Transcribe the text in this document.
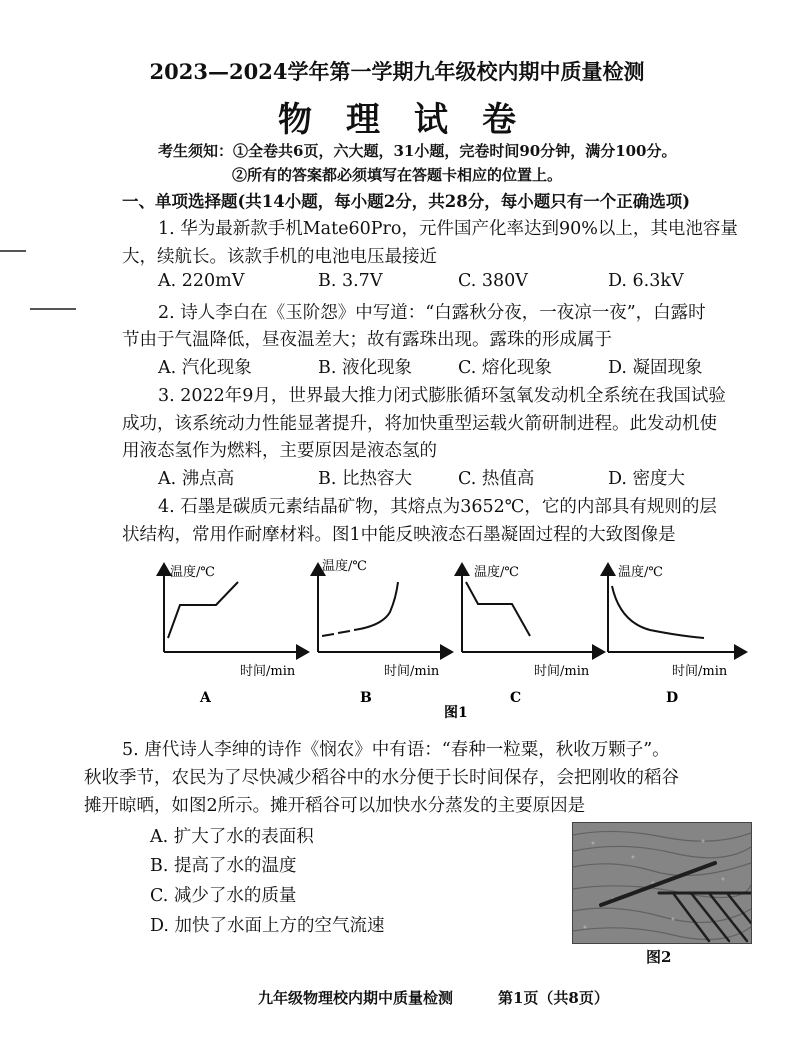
2023—2024学年第一学期九年级校内期中质量检测
物理试卷
考生须知：①全卷共6页，六大题，31小题，完卷时间90分钟，满分100分。
②所有的答案都必须填写在答题卡相应的位置上。
一、单项选择题(共14小题，每小题2分，共28分，每小题只有一个正确选项)
1. 华为最新款手机Mate60Pro，元件国产化率达到90%以上，其电池容量
大，续航长。该款手机的电池电压最接近
A. 220mV	B. 3.7V	C. 380V	D. 6.3kV
2. 诗人李白在《玉阶怨》中写道：“白露秋分夜，一夜凉一夜”，白露时
节由于气温降低，昼夜温差大；故有露珠出现。露珠的形成属于
A. 汽化现象	B. 液化现象	C. 熔化现象	D. 凝固现象
3. 2022年9月，世界最大推力闭式膨胀循环氢氧发动机全系统在我国试验
成功，该系统动力性能显著提升，将加快重型运载火箭研制进程。此发动机使
用液态氢作为燃料，主要原因是液态氢的
A. 沸点高	B. 比热容大	C. 热值高	D. 密度大
4. 石墨是碳质元素结晶矿物，其熔点为3652℃，它的内部具有规则的层
状结构，常用作耐摩材料。图1中能反映液态石墨凝固过程的大致图像是
温度/℃
时间/min
A
温度/℃
时间/min
B
温度/℃
时间/min
C
温度/℃
时间/min
D
图1
5. 唐代诗人李绅的诗作《悯农》中有语：“春种一粒粟，秋收万颗子”。
秋收季节，农民为了尽快减少稻谷中的水分便于长时间保存，会把刚收的稻谷
摊开晾晒，如图2所示。摊开稻谷可以加快水分蒸发的主要原因是
A. 扩大了水的表面积
B. 提高了水的温度
C. 减少了水的质量
D. 加快了水面上方的空气流速
图2
九年级物理校内期中质量检测	第1页（共8页）
